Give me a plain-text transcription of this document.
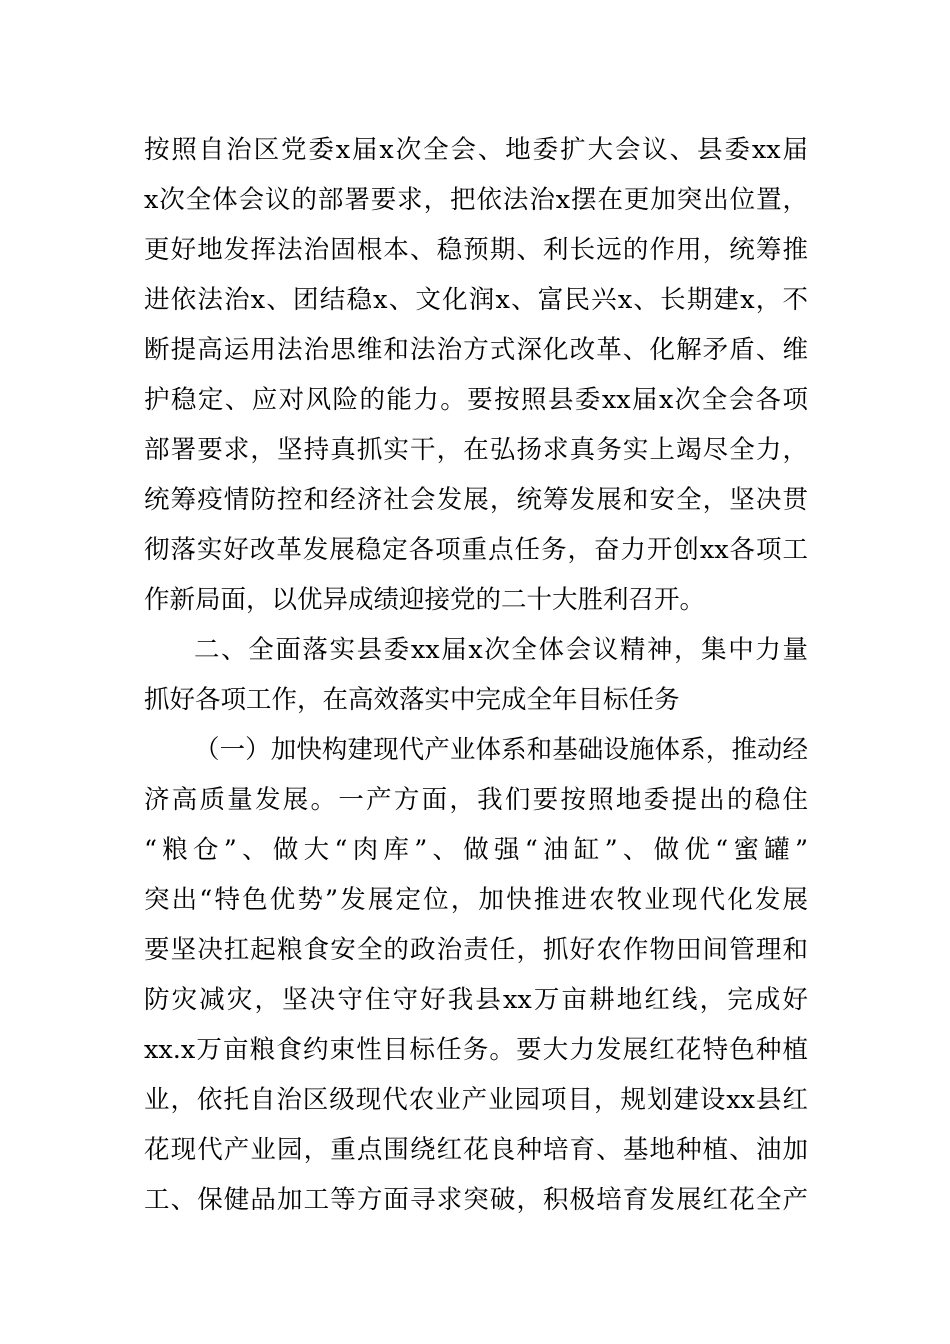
按照自治区党委x届x次全会、地委扩大会议、县委xx届
x次全体会议的部署要求，把依法治x摆在更加突出位置，
更好地发挥法治固根本、稳预期、利长远的作用，统筹推
进依法治x、团结稳x、文化润x、富民兴x、长期建x，不
断提高运用法治思维和法治方式深化改革、化解矛盾、维
护稳定、应对风险的能力。要按照县委xx届x次全会各项
部署要求，坚持真抓实干，在弘扬求真务实上竭尽全力，
统筹疫情防控和经济社会发展，统筹发展和安全，坚决贯
彻落实好改革发展稳定各项重点任务，奋力开创xx各项工
作新局面，以优异成绩迎接党的二十大胜利召开。
二、全面落实县委xx届x次全体会议精神，集中力量
抓好各项工作，在高效落实中完成全年目标任务
（一）加快构建现代产业体系和基础设施体系，推动经
济高质量发展。一产方面，我们要按照地委提出的稳住
“粮仓”、做大“肉库”、做强“油缸”、做优“蜜罐”
突出“特色优势”发展定位，加快推进农牧业现代化发展
要坚决扛起粮食安全的政治责任，抓好农作物田间管理和
防灾减灾，坚决守住守好我县xx万亩耕地红线，完成好
xx.x万亩粮食约束性目标任务。要大力发展红花特色种植
业，依托自治区级现代农业产业园项目，规划建设xx县红
花现代产业园，重点围绕红花良种培育、基地种植、油加
工、保健品加工等方面寻求突破，积极培育发展红花全产
